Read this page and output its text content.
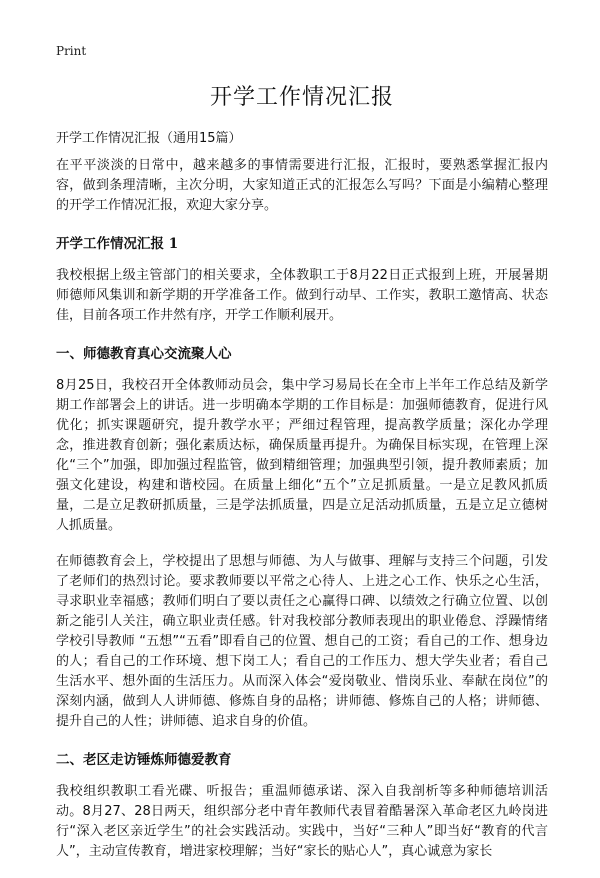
Print
开学工作情况汇报
开学工作情况汇报（通用15篇）

在平平淡淡的日常中，越来越多的事情需要进行汇报，汇报时，要熟悉掌握汇报内容，做到条理清晰，主次分明，大家知道正式的汇报怎么写吗？下面是小编精心整理的开学工作情况汇报，欢迎大家分享。

开学工作情况汇报 1

我校根据上级主管部门的相关要求，全体教职工于8月22日正式报到上班，开展暑期师德师风集训和新学期的开学准备工作。做到行动早、工作实，教职工邀情高、状态佳，目前各项工作井然有序，开学工作顺利展开。

一、师德教育真心交流聚人心

8月25日，我校召开全体教师动员会，集中学习易局长在全市上半年工作总结及新学期工作部署会上的讲话。进一步明确本学期的工作目标是：加强师德教育，促进行风优化；抓实课题研究，提升教学水平；严细过程管理，提高教学质量；深化办学理念，推进教育创新；强化素质达标，确保质量再提升。为确保目标实现，在管理上深化“三个”加强，即加强过程监管，做到精细管理；加强典型引领，提升教师素质；加强文化建设，构建和谐校园。在质量上细化“五个”立足抓质量。一是立足教风抓质量，二是立足教研抓质量，三是学法抓质量，四是立足活动抓质量，五是立足立德树人抓质量。

在师德教育会上，学校提出了思想与师德、为人与做事、理解与支持三个问题，引发了老师们的热烈讨论。要求教师要以平常之心待人、上进之心工作、快乐之心生活，寻求职业幸福感；教师们明白了要以责任之心赢得口碑、以绩效之行确立位置、以创新之能引人关注，确立职业责任感。针对我校部分教师表现出的职业倦怠、浮躁情绪学校引导教师 “五想”“五看”即看自己的位置、想自己的工资；看自己的工作、想身边的人；看自己的工作环境、想下岗工人；看自己的工作压力、想大学失业者；看自己生活水平、想外面的生活压力。从而深入体会“爱岗敬业、惜岗乐业、奉献在岗位”的深刻内涵，做到人人讲师德、修炼自身的品格；讲师德、修炼自己的人格；讲师德、提升自己的人性；讲师德、追求自身的价值。

二、老区走访锤炼师德爱教育

我校组织教职工看光碟、听报告；重温师德承诺、深入自我剖析等多种师德培训活动。8月27、28日两天，组织部分老中青年教师代表冒着酷暑深入革命老区九岭岗进行“深入老区亲近学生”的社会实践活动。实践中，当好“三种人”即当好“教育的代言人”，主动宣传教育，增进家校理解；当好“家长的贴心人”，真心诚意为家长
